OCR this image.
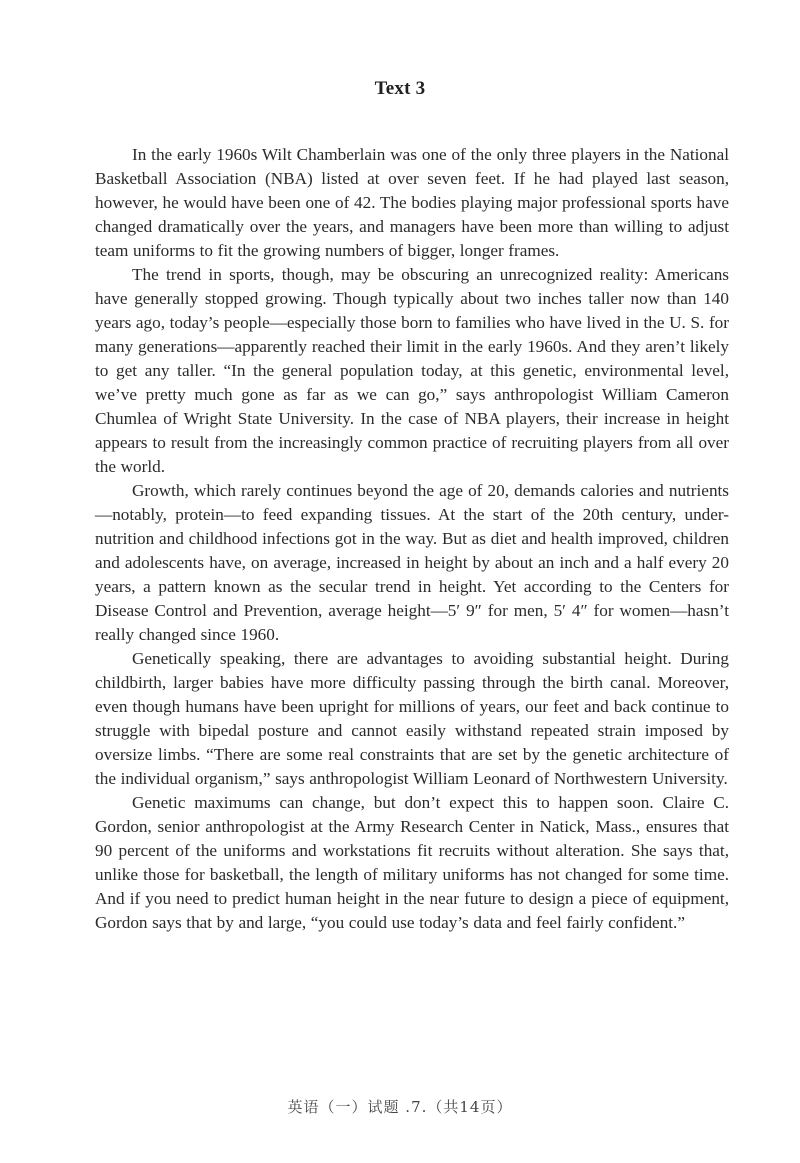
Text 3

In the early 1960s Wilt Chamberlain was one of the only three players in the National Basketball Association (NBA) listed at over seven feet. If he had played last season, however, he would have been one of 42. The bodies playing major professional sports have changed dramatically over the years, and managers have been more than willing to adjust team uniforms to fit the growing numbers of bigger, longer frames.

The trend in sports, though, may be obscuring an unrecognized reality: Americans have generally stopped growing. Though typically about two inches taller now than 140 years ago, today’s people—especially those born to families who have lived in the U. S. for many generations—apparently reached their limit in the early 1960s. And they aren’t likely to get any taller. “In the general population today, at this genetic, environmental level, we’ve pretty much gone as far as we can go,” says anthropologist William Cameron Chumlea of Wright State University. In the case of NBA players, their increase in height appears to result from the increasingly common practice of recruiting players from all over the world.

Growth, which rarely continues beyond the age of 20, demands calories and nutrients—notably, protein—to feed expanding tissues. At the start of the 20th century, under-nutrition and childhood infections got in the way. But as diet and health improved, children and adolescents have, on average, increased in height by about an inch and a half every 20 years, a pattern known as the secular trend in height. Yet according to the Centers for Disease Control and Prevention, average height—5′ 9″ for men, 5′ 4″ for women—hasn’t really changed since 1960.

Genetically speaking, there are advantages to avoiding substantial height. During childbirth, larger babies have more difficulty passing through the birth canal. Moreover, even though humans have been upright for millions of years, our feet and back continue to struggle with bipedal posture and cannot easily withstand repeated strain imposed by oversize limbs. “There are some real constraints that are set by the genetic architecture of the individual organism,” says anthropologist William Leonard of Northwestern University.

Genetic maximums can change, but don’t expect this to happen soon. Claire C. Gordon, senior anthropologist at the Army Research Center in Natick, Mass., ensures that 90 percent of the uniforms and workstations fit recruits without alteration. She says that, unlike those for basketball, the length of military uniforms has not changed for some time. And if you need to predict human height in the near future to design a piece of equipment, Gordon says that by and large, “you could use today’s data and feel fairly confident.”

英语（一）试题 .7.（共14页）
